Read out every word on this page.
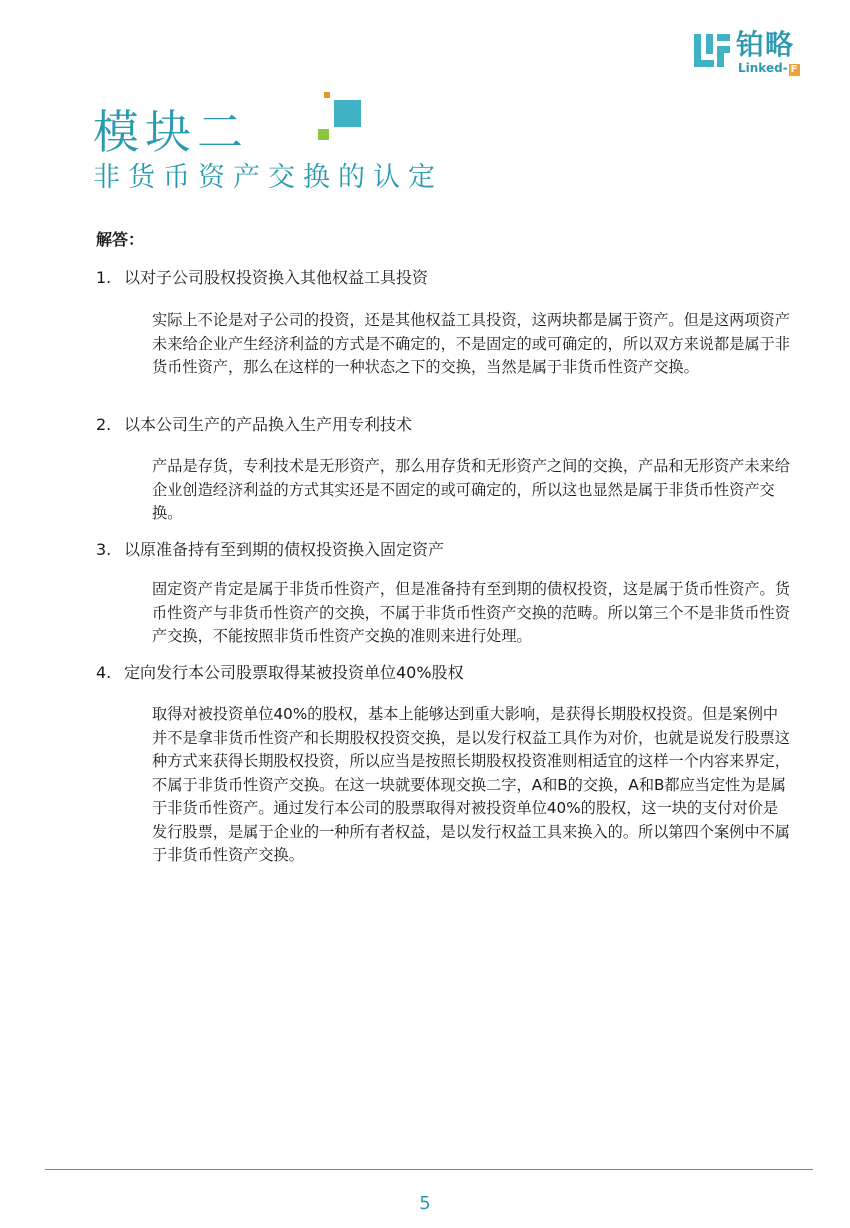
铂略
Linked- F
模块二
非货币资产交换的认定
解答：
1. 以对子公司股权投资换入其他权益工具投资
实际上不论是对子公司的投资，还是其他权益工具投资，这两块都是属于资产。但是这两项资产未来给企业产生经济利益的方式是不确定的，不是固定的或可确定的，所以双方来说都是属于非货币性资产，那么在这样的一种状态之下的交换，当然是属于非货币性资产交换。
2. 以本公司生产的产品换入生产用专利技术
产品是存货，专利技术是无形资产，那么用存货和无形资产之间的交换，产品和无形资产未来给企业创造经济利益的方式其实还是不固定的或可确定的，所以这也显然是属于非货币性资产交换。
3. 以原准备持有至到期的债权投资换入固定资产
固定资产肯定是属于非货币性资产，但是准备持有至到期的债权投资，这是属于货币性资产。货币性资产与非货币性资产的交换，不属于非货币性资产交换的范畴。所以第三个不是非货币性资产交换，不能按照非货币性资产交换的准则来进行处理。
4. 定向发行本公司股票取得某被投资单位40%股权
取得对被投资单位40%的股权，基本上能够达到重大影响，是获得长期股权投资。但是案例中并不是拿非货币性资产和长期股权投资交换，是以发行权益工具作为对价，也就是说发行股票这种方式来获得长期股权投资，所以应当是按照长期股权投资准则相适宜的这样一个内容来界定，不属于非货币性资产交换。在这一块就要体现交换二字，A和B的交换，A和B都应当定性为是属于非货币性资产。通过发行本公司的股票取得对被投资单位40%的股权，这一块的支付对价是发行股票，是属于企业的一种所有者权益，是以发行权益工具来换入的。所以第四个案例中不属于非货币性资产交换。
5
